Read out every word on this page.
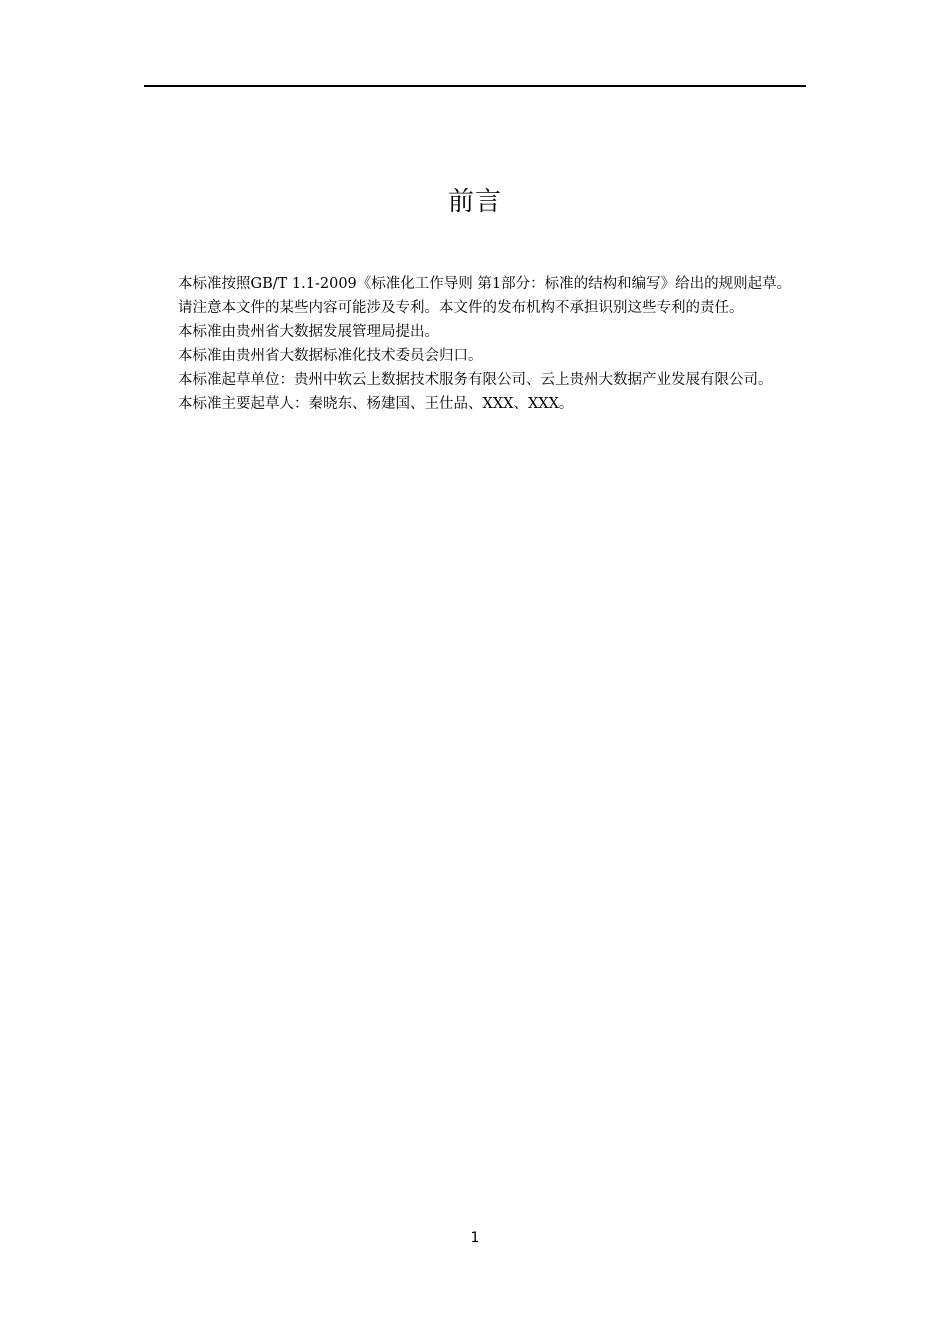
前言

本标准按照GB/T 1.1-2009《标准化工作导则 第1部分：标准的结构和编写》给出的规则起草。

请注意本文件的某些内容可能涉及专利。本文件的发布机构不承担识别这些专利的责任。

本标准由贵州省大数据发展管理局提出。

本标准由贵州省大数据标准化技术委员会归口。

本标准起草单位：贵州中软云上数据技术服务有限公司、云上贵州大数据产业发展有限公司。

本标准主要起草人：秦晓东、杨建国、王仕品、XXX、XXX。

1
